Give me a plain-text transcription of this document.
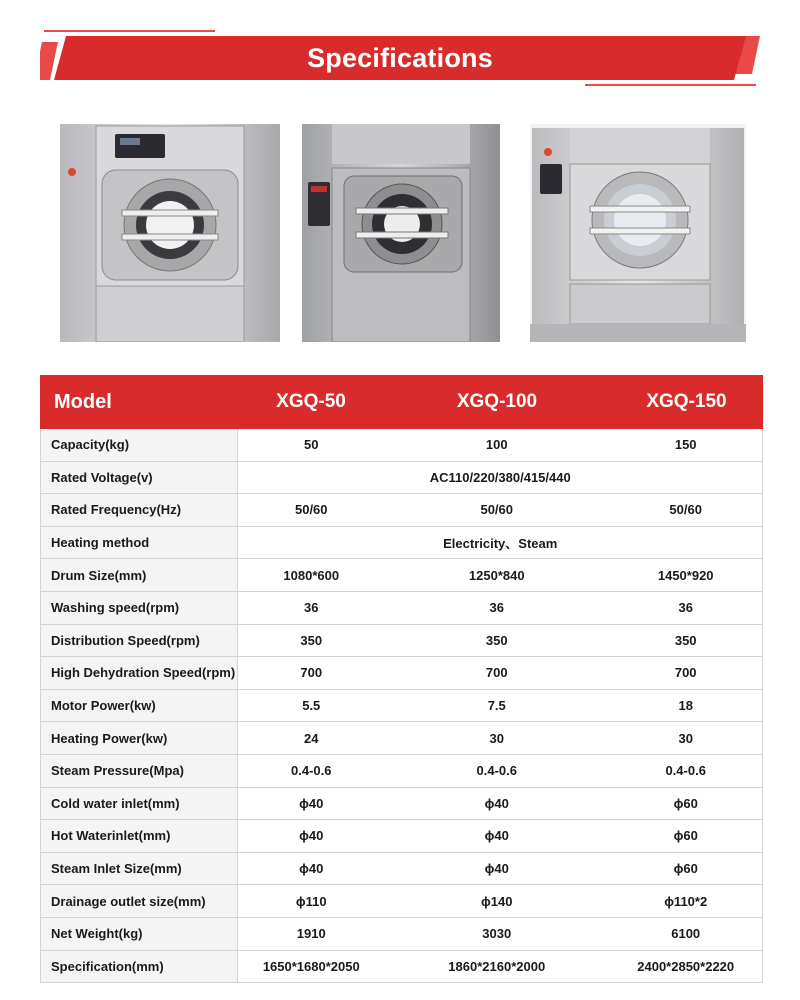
Specifications
Model	XGQ-50	XGQ-100	XGQ-150
Capacity(kg)	50	100	150
Rated Voltage(v)	AC110/220/380/415/440
Rated Frequency(Hz)	50/60	50/60	50/60
Heating method	Electricity、Steam
Drum Size(mm)	1080*600	1250*840	1450*920
Washing speed(rpm)	36	36	36
Distribution Speed(rpm)	350	350	350
High Dehydration Speed(rpm)	700	700	700
Motor Power(kw)	5.5	7.5	18
Heating Power(kw)	24	30	30
Steam Pressure(Mpa)	0.4-0.6	0.4-0.6	0.4-0.6
Cold water inlet(mm)	ϕ40	ϕ40	ϕ60
Hot Waterinlet(mm)	ϕ40	ϕ40	ϕ60
Steam Inlet Size(mm)	ϕ40	ϕ40	ϕ60
Drainage outlet size(mm)	ϕ110	ϕ140	ϕ110*2
Net Weight(kg)	1910	3030	6100
Specification(mm)	1650*1680*2050	1860*2160*2000	2400*2850*2220
